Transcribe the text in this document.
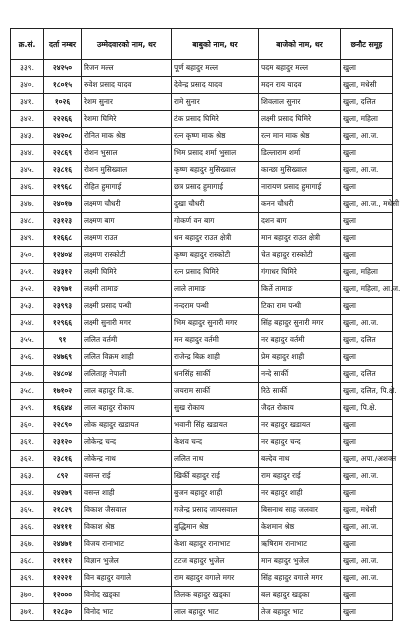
क्र.सं.	दर्ता नम्बर	उम्मेदवारको नाम, थर	बाबुको नाम, थर	बाजेको नाम, थर	छनौट समूह
३३९.	२४२५०	रिजन मल्ल	पूर्ण बहादुर मल्ल	पदम बहादुर मल्ल	खुला
३४०.	१८०१५	रुवेश प्रसाद यादव	देवेन्द्र प्रसाद यादव	मदन राय यादव	खुला, मधेसी
३४१.	१०२६	रेशम सुनार	रामे सुनार	शिवलाल सुनार	खुला, दलित
३४२.	२२२६६	रेशमा घिमिरे	टंक प्रसाद घिमिरे	लक्ष्मी प्रसाद घिमिरे	खुला, महिला
३४३.	२४२०८	रोनित माक श्रेष्ठ	रत्न कृष्ण माक श्रेष्ठ	रत्न मान माक श्रेष्ठ	खुला, आ.ज.
३४४.	२२८६९	रोशन भुसाल	भिम प्रसाद शर्मा भुसाल	डिल्लाराम शर्मा	खुला
३४५.	२३८१६	रोशन मुसिख्वाल	कृष्ण बहादुर मुसिख्वाल	कान्छा मुसिख्वाल	खुला, आ.ज.
३४६.	२१९६८	रोहित हुमागाई	छत्र प्रसाद हुमागाई	नारायण प्रसाद हुमागाई	खुला
३४७.	२४०१७	लक्ष्मण चौधरी	दुखा चौधरी	कनन चौधरी	खुला, आ.ज., मधेसी
३४८.	२३१२३	लक्ष्मण बाग	गोकर्ण वन बाग	दशन बाग	खुला
३४९.	१२६६८	लक्ष्मण राउत	धन बहादुर राउत क्षेत्री	मान बहादुर राउत क्षेत्री	खुला
३५०.	१२४०४	लक्ष्मण रास्कोटी	कृष्ण बहादुर रास्कोटी	चेत बहादुर रास्कोटी	खुला
३५१.	२४३१२	लक्ष्मी घिमिरे	रत्न प्रसाद घिमिरे	गंगाधर घिमिरे	खुला, महिला
३५२.	२३९७१	लक्ष्मी तामाङ	लाले तामाङ	किर्ते तामाङ	खुला, महिला, आ.ज.
३५३.	२३९९३	लक्ष्मी प्रसाद पन्थी	नन्दराम पन्थी	टिका राम पन्थी	खुला
३५४.	१२९६६	लक्ष्मी सुनारी मगर	भिम बहादुर सुनारी मगर	सिंह बहादुर सुनारी मगर	खुला, आ.ज.
३५५.	९१	ललित वर्तमी	मन बहादुर वर्तमी	नर बहादुर वर्तमी	खुला, दलित
३५६.	२४७६९	ललित विक्रम शाही	राजेन्द्र बिक्र शाही	प्रेम बहादुर शाही	खुला
३५७.	२४८०४	ललिताङ्ग नेपाली	धनसिंह सार्की	नन्दे सार्की	खुला, दलित
३५८.	१७१०२	लाल बहादुर वि.क.	जयराम सार्की	रिठे सार्की	खुला, दलित, पि.क्षे.
३५९.	१६६४४	लाल बहादुर रोकाय	सुख रोकाय	जैदत रोकाय	खुला, पि.क्षे.
३६०.	२२८९०	लोक बहादुर खडायत	भवानी सिंह खडायत	नर बहादुर खडायत	खुला
३६१.	२३१२०	लोकेन्द्र चन्द	केशव चन्द	नर बहादुर चन्द	खुला
३६२.	२३८१६	लोकेन्द्र नाथ	ललित नाथ	बल्देव नाथ	खुला, अपा./अशक्त
३६३.	८९२	वसन्त राई	खिर्की बहादुर राई	राम बहादुर राई	खुला, आ.ज.
३६४.	२४२७९	वसन्त शाही	बुजन बहादुर शाही	नर बहादुर शाही	खुला
३६५.	२१८२९	विकाश जैसवाल	गजेन्द्र प्रसाद जायसवाल	बिसनाथ साह जलवार	खुला, मधेसी
३६६.	२४१११	विकाश श्रेष्ठ	बुद्धिमान श्रेष्ठ	केशमान श्रेष्ठ	खुला, आ.ज.
३६७.	२४४७१	विजय रानाभाट	केशा बहादुर रानाभाट	ऋषिराम रानाभाट	खुला
३६८.	२१११२	विज्ञान भुजेल	टटज बहादुर भुजेल	मान बहादुर भुजेल	खुला, आ.ज.
३६९.	१२२२१	विन बहादुर वगाले	राम बहादुर वगाले मगर	सिंह बहादुर वगाले मगर	खुला, आ.ज.
३७०.	१२०००	विनोद खड्का	तिलक बहादुर खड्का	बल बहादुर खड्का	खुला
३७१.	१२८३०	विनोद भाट	लाल बहादुर भाट	तेज बहादुर भाट	खुला
